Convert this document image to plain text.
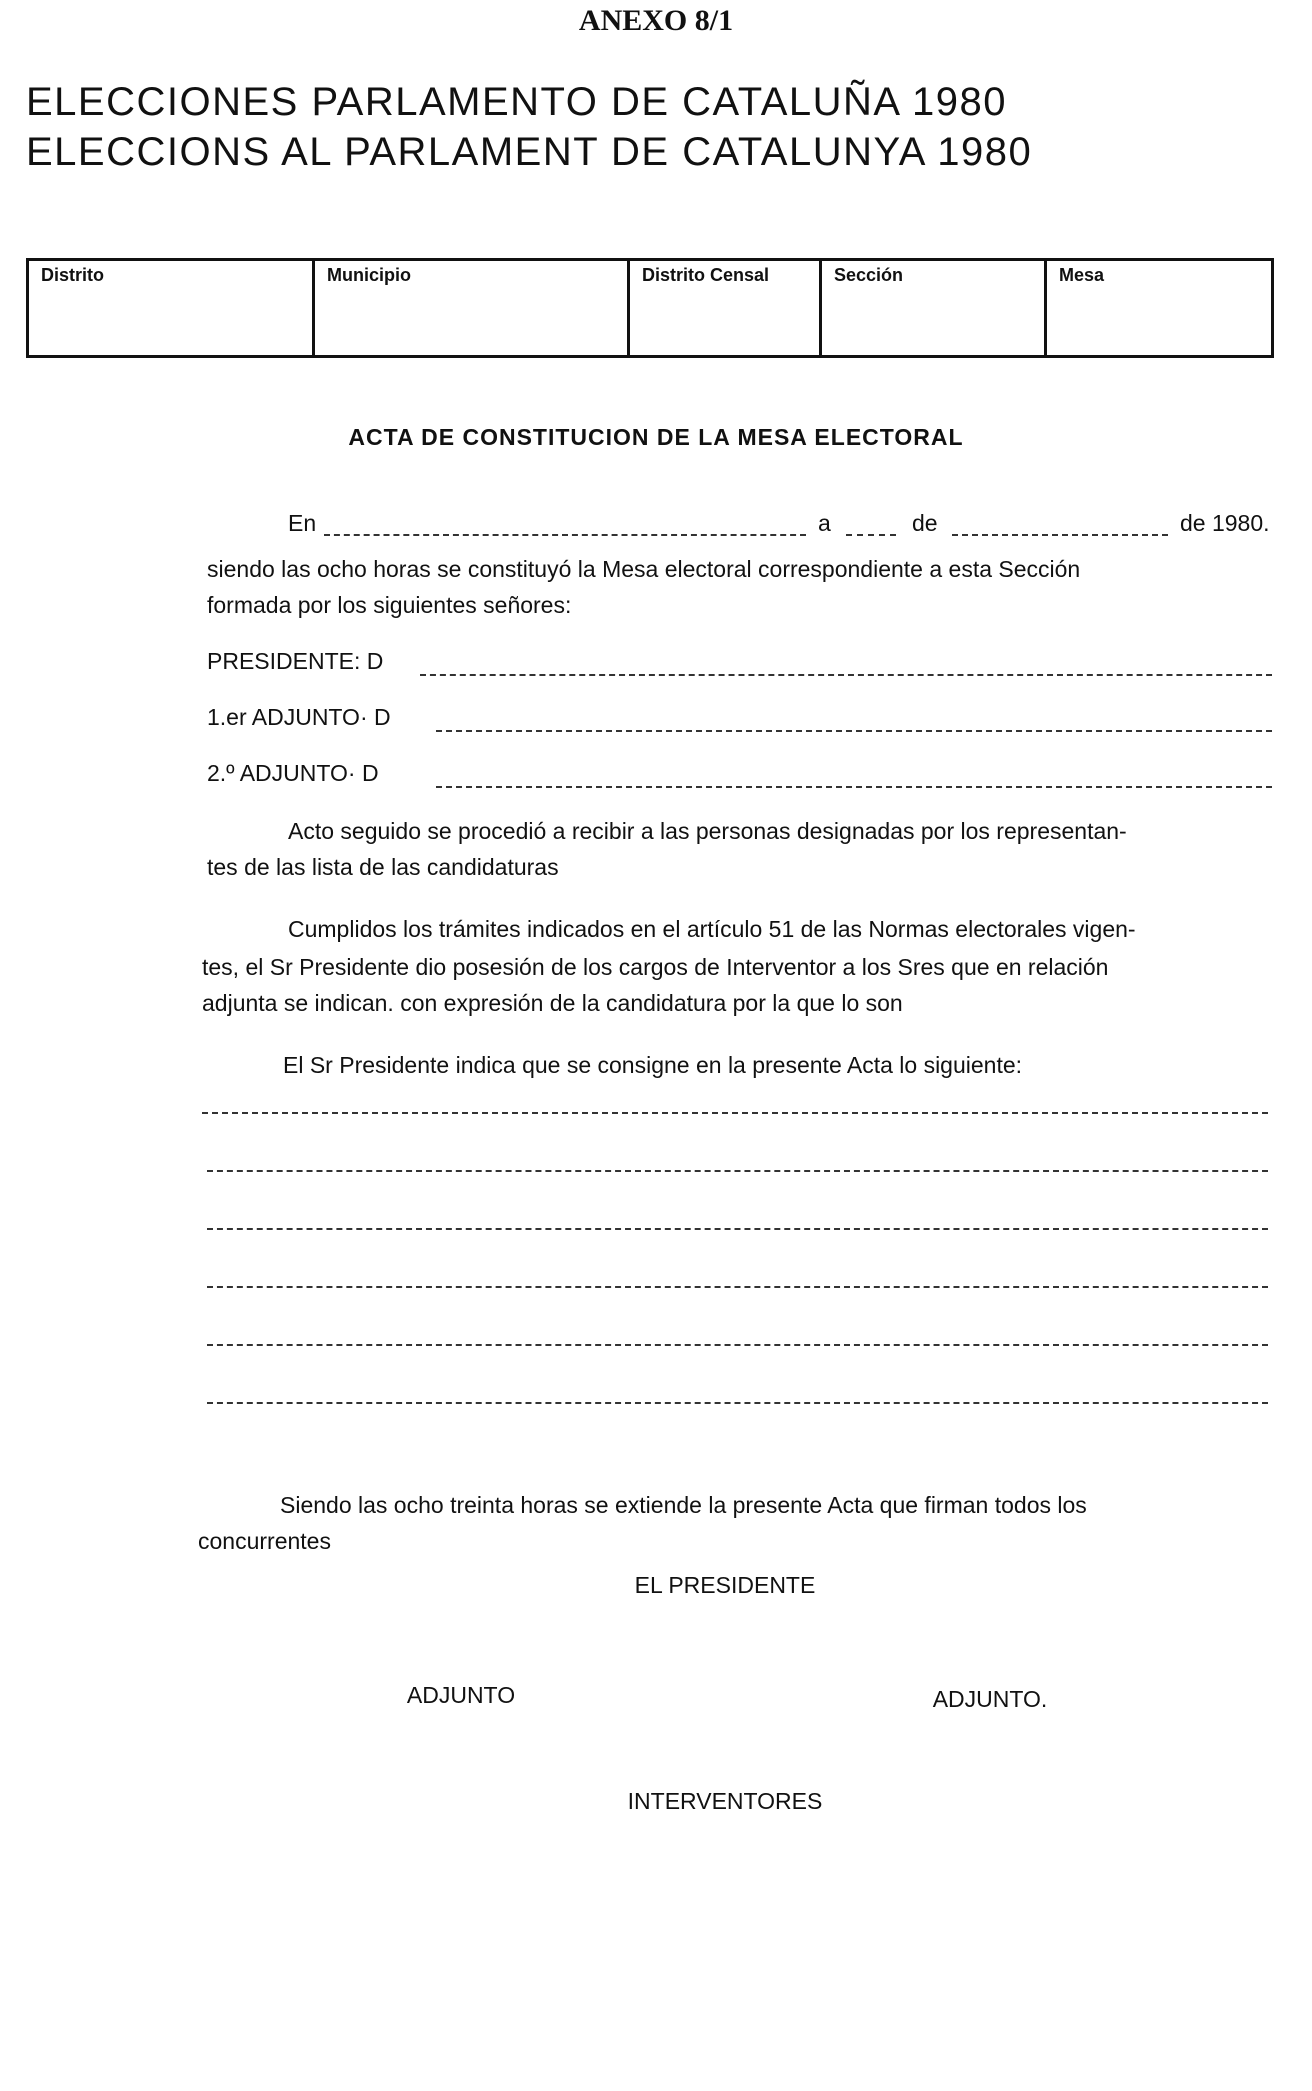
ANEXO 8/1
ELECCIONES PARLAMENTO DE CATALUÑA 1980
ELECCIONS AL PARLAMENT DE CATALUNYA 1980
Distrito	Municipio	Distrito Censal	Sección	Mesa
ACTA DE CONSTITUCION DE LA MESA ELECTORAL
En	a	de	de 1980.
siendo las ocho horas se constituyó la Mesa electoral correspondiente a esta Sección
formada por los siguientes señores:
PRESIDENTE: D
1.er ADJUNTO· D
2.º ADJUNTO· D
Acto seguido se procedió a recibir a las personas designadas por los representan-
tes de las lista de las candidaturas
Cumplidos los trámites indicados en el artículo 51 de las Normas electorales vigen-
tes, el Sr Presidente dio posesión de los cargos de Interventor a los Sres que en relación
adjunta se indican. con expresión de la candidatura por la que lo son
El Sr Presidente indica que se consigne en la presente Acta lo siguiente:
Siendo las ocho treinta horas se extiende la presente Acta que firman todos los
concurrentes
EL PRESIDENTE
ADJUNTO	ADJUNTO.
INTERVENTORES
